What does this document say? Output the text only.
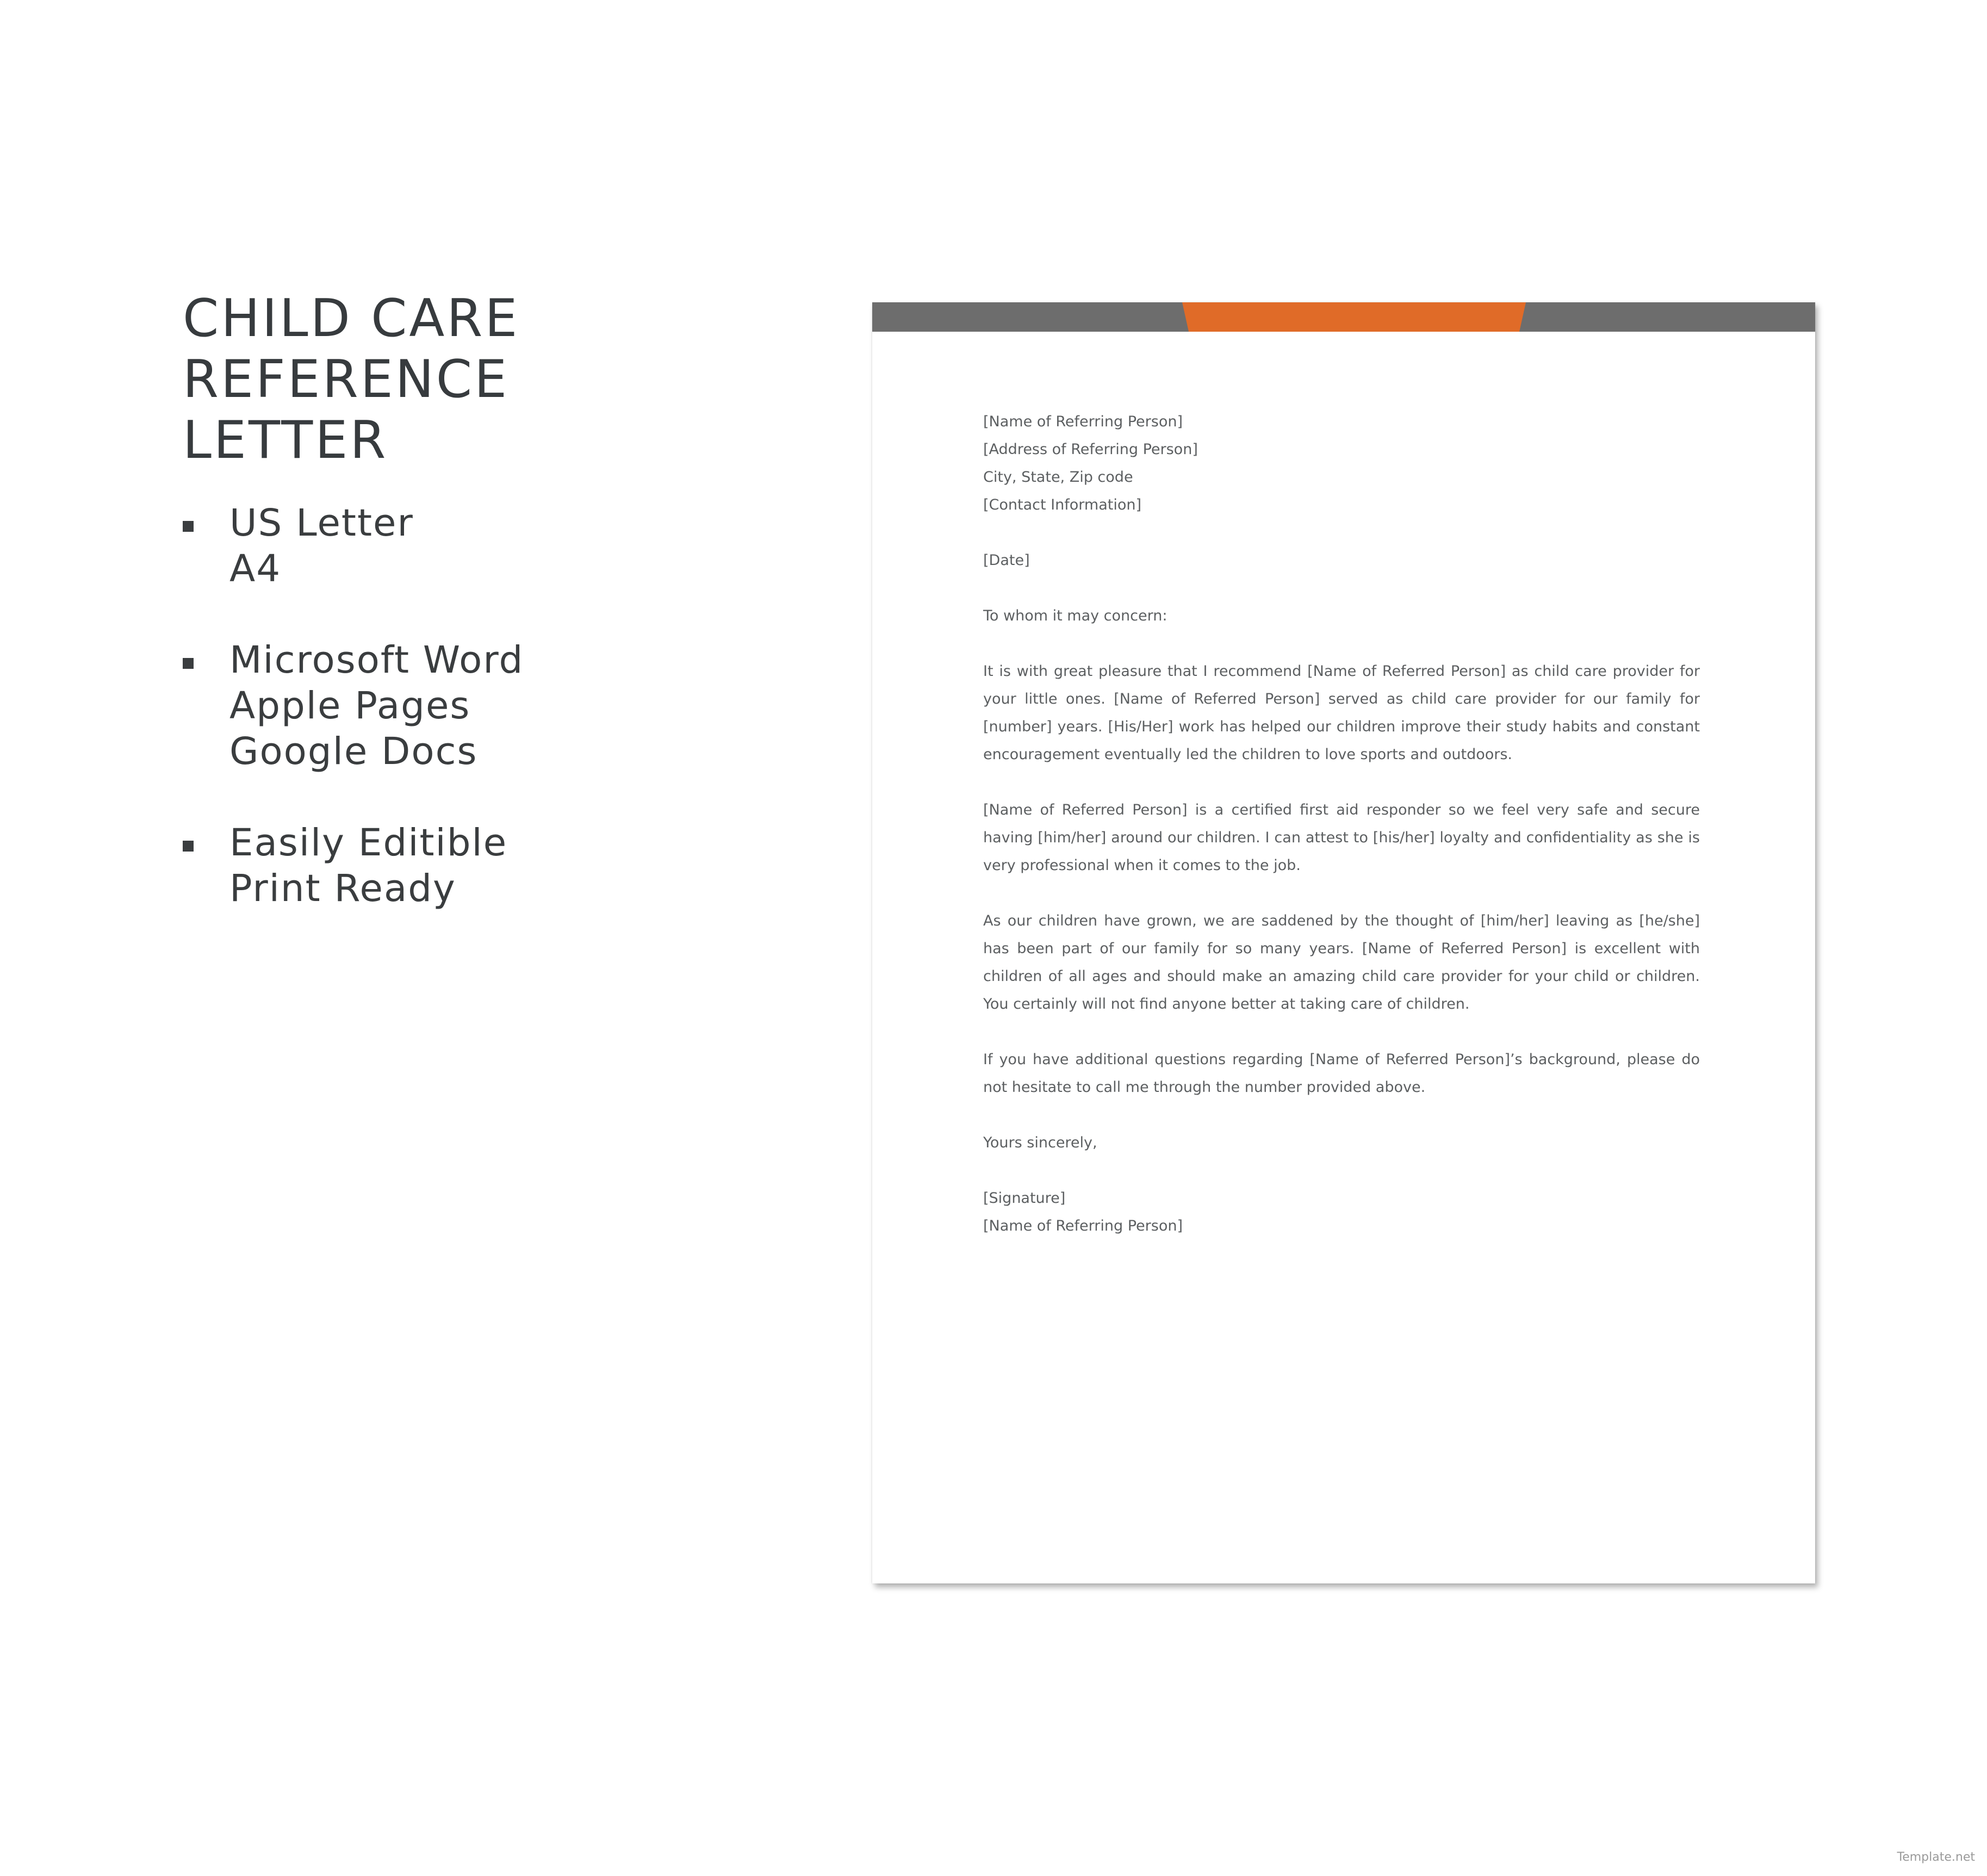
CHILD CARE REFERENCE
LETTER
US Letter
A4
Microsoft Word
Apple Pages
Google Docs
Easily Editible
Print Ready
[Name of Referring Person]
[Address of Referring Person]
City, State, Zip code
[Contact Information]
[Date]
To whom it may concern:

It is with great pleasure that I recommend [Name of Referred Person] as child care provider for your little ones. [Name of Referred Person] served as child care provider for our family for [number] years. [His/Her] work has helped our children improve their study habits and constant encouragement eventually led the children to love sports and outdoors.

[Name of Referred Person] is a certified first aid responder so we feel very safe and secure having [him/her] around our children. I can attest to [his/her] loyalty and confidentiality as she is very professional when it comes to the job.

As our children have grown, we are saddened by the thought of [him/her] leaving as [he/she] has been part of our family for so many years. [Name of Referred Person] is excellent with children of all ages and should make an amazing child care provider for your child or children. You certainly will not find anyone better at taking care of children.

If you have additional questions regarding [Name of Referred Person]’s background, please do not hesitate to call me through the number provided above.

Yours sincerely,
[Signature]
[Name of Referring Person]
Template.net
